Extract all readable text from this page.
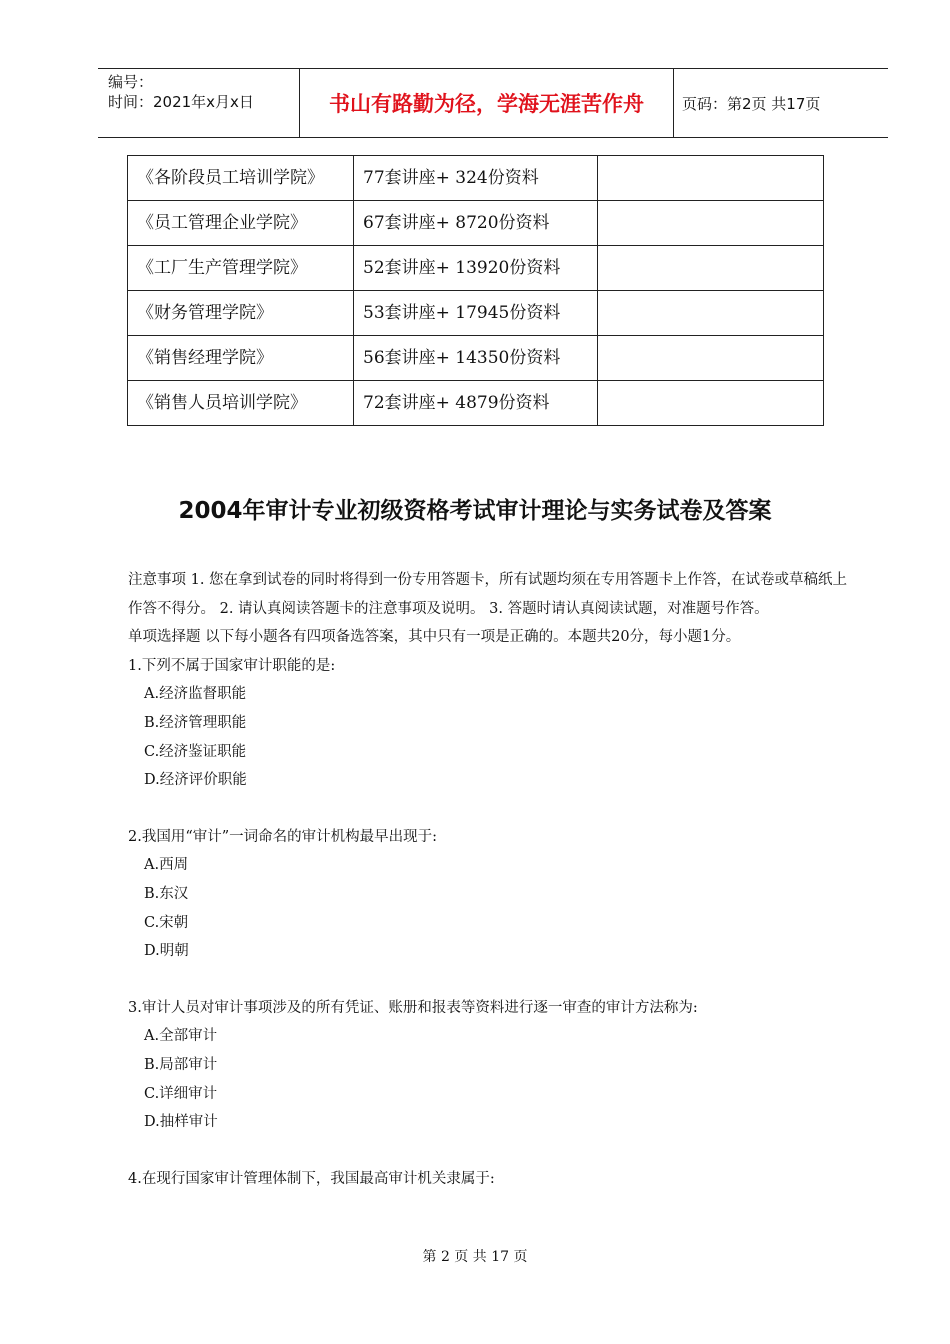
编号：
时间：2021年x月x日	书山有路勤为径，学海无涯苦作舟	页码：第2页 共17页
《各阶段员工培训学院》	77套讲座+ 324份资料	
《员工管理企业学院》	67套讲座+ 8720份资料	
《工厂生产管理学院》	52套讲座+ 13920份资料	
《财务管理学院》	53套讲座+ 17945份资料	
《销售经理学院》	56套讲座+ 14350份资料	
《销售人员培训学院》	72套讲座+ 4879份资料	
2004年审计专业初级资格考试审计理论与实务试卷及答案

注意事项 1. 您在拿到试卷的同时将得到一份专用答题卡，所有试题均须在专用答题卡上作答，在试卷或草稿纸上作答不得分。 2. 请认真阅读答题卡的注意事项及说明。 3. 答题时请认真阅读试题，对准题号作答。

单项选择题 以下每小题各有四项备选答案，其中只有一项是正确的。本题共20分，每小题1分。

1.下列不属于国家审计职能的是:

A.经济监督职能

B.经济管理职能

C.经济鉴证职能

D.经济评价职能

2.我国用“审计”一词命名的审计机构最早出现于:

A.西周

B.东汉

C.宋朝

D.明朝

3.审计人员对审计事项涉及的所有凭证、账册和报表等资料进行逐一审查的审计方法称为:

A.全部审计

B.局部审计

C.详细审计

D.抽样审计

4.在现行国家审计管理体制下，我国最高审计机关隶属于:

第 2 页 共 17 页
